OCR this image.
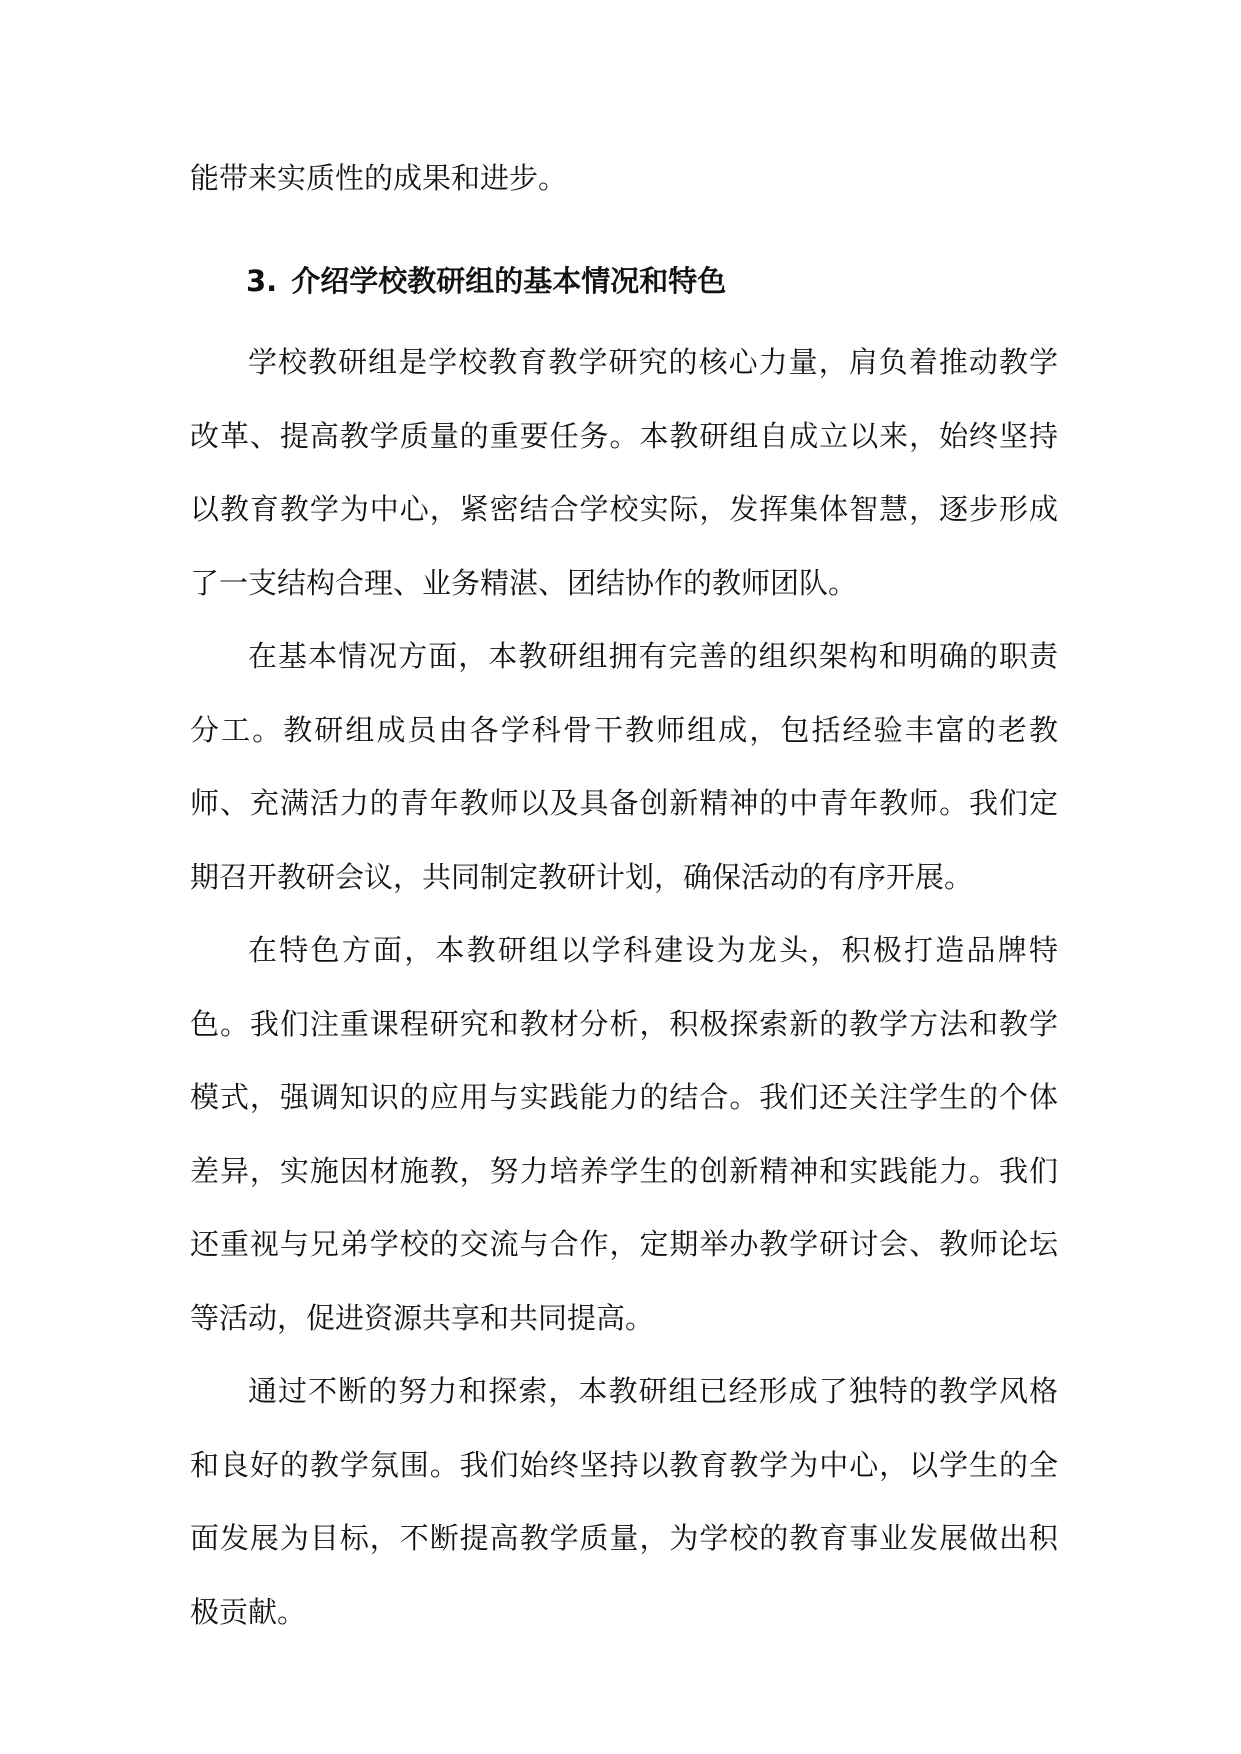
能带来实质性的成果和进步。

3. 介绍学校教研组的基本情况和特色

学校教研组是学校教育教学研究的核心力量，肩负着推动教学改革、提高教学质量的重要任务。本教研组自成立以来，始终坚持以教育教学为中心，紧密结合学校实际，发挥集体智慧，逐步形成了一支结构合理、业务精湛、团结协作的教师团队。

在基本情况方面，本教研组拥有完善的组织架构和明确的职责分工。教研组成员由各学科骨干教师组成，包括经验丰富的老教师、充满活力的青年教师以及具备创新精神的中青年教师。我们定期召开教研会议，共同制定教研计划，确保活动的有序开展。

在特色方面，本教研组以学科建设为龙头，积极打造品牌特色。我们注重课程研究和教材分析，积极探索新的教学方法和教学模式，强调知识的应用与实践能力的结合。我们还关注学生的个体差异，实施因材施教，努力培养学生的创新精神和实践能力。我们还重视与兄弟学校的交流与合作，定期举办教学研讨会、教师论坛等活动，促进资源共享和共同提高。

通过不断的努力和探索，本教研组已经形成了独特的教学风格和良好的教学氛围。我们始终坚持以教育教学为中心，以学生的全面发展为目标，不断提高教学质量，为学校的教育事业发展做出积极贡献。
